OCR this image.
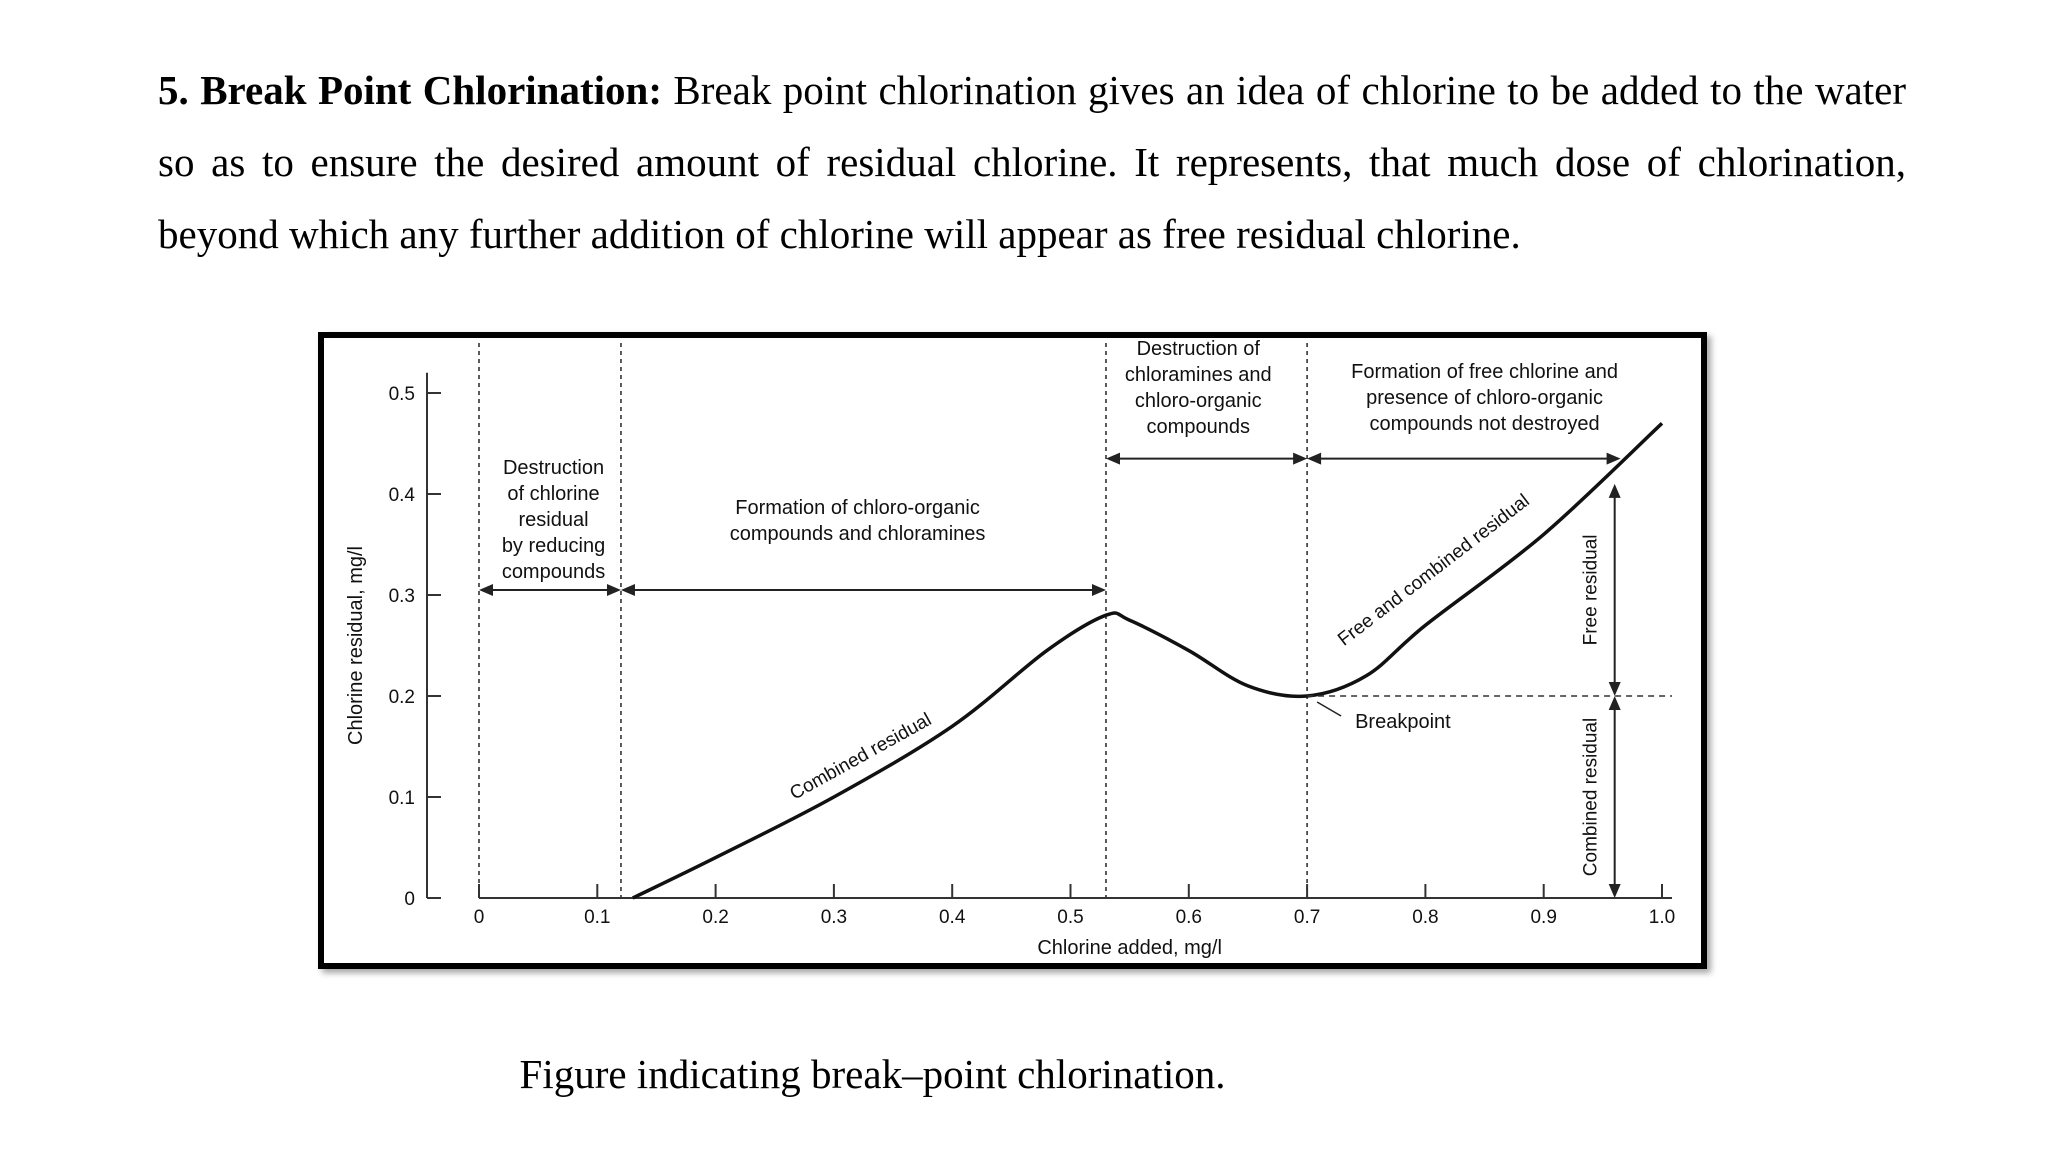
5. Break Point Chlorination: Break point chlorination gives an idea of chlorine to be added to the water so as to ensure the desired amount of residual chlorine. It represents, that much dose of chlorination, beyond which any further addition of chlorine will appear as free residual chlorine.

0
0.1
0.2
0.3
0.4
0.5
0	0.1	0.2	0.3	0.4	0.5	0.6	0.7	0.8	0.9	1.0
Chlorine added, mg/l
Chlorine residual, mg/l
Destruction
of chlorine
residual
by reducing
compounds
Formation of chloro-organic
compounds and chloramines
Destruction of
chloramines and
chloro-organic
compounds
Formation of free chlorine and
presence of chloro-organic
compounds not destroyed
Combined residual
Free and combined residual
Breakpoint
Free residual
Combined residual

Figure indicating break–point chlorination.
